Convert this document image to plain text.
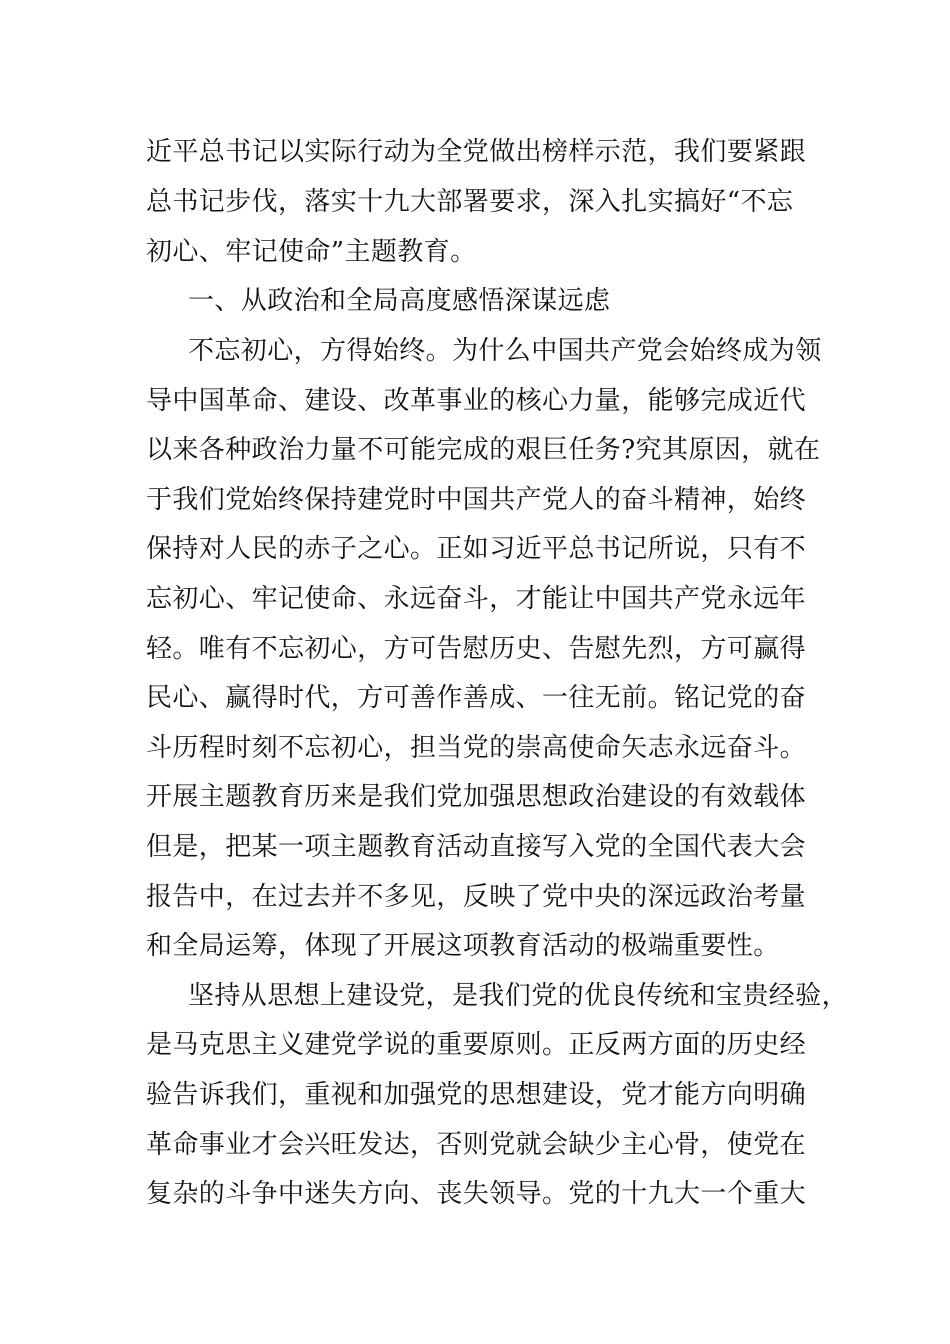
近平总书记以实际行动为全党做出榜样示范，我们要紧跟
总书记步伐，落实十九大部署要求，深入扎实搞好“不忘
初心、牢记使命”主题教育。
一、从政治和全局高度感悟深谋远虑
不忘初心，方得始终。为什么中国共产党会始终成为领
导中国革命、建设、改革事业的核心力量，能够完成近代
以来各种政治力量不可能完成的艰巨任务?究其原因，就在
于我们党始终保持建党时中国共产党人的奋斗精神，始终
保持对人民的赤子之心。正如习近平总书记所说，只有不
忘初心、牢记使命、永远奋斗，才能让中国共产党永远年
轻。唯有不忘初心，方可告慰历史、告慰先烈，方可赢得
民心、赢得时代，方可善作善成、一往无前。铭记党的奋
斗历程时刻不忘初心，担当党的崇高使命矢志永远奋斗。
开展主题教育历来是我们党加强思想政治建设的有效载体
但是，把某一项主题教育活动直接写入党的全国代表大会
报告中，在过去并不多见，反映了党中央的深远政治考量
和全局运筹，体现了开展这项教育活动的极端重要性。
坚持从思想上建设党，是我们党的优良传统和宝贵经验，
是马克思主义建党学说的重要原则。正反两方面的历史经
验告诉我们，重视和加强党的思想建设，党才能方向明确
革命事业才会兴旺发达，否则党就会缺少主心骨，使党在
复杂的斗争中迷失方向、丧失领导。党的十九大一个重大
